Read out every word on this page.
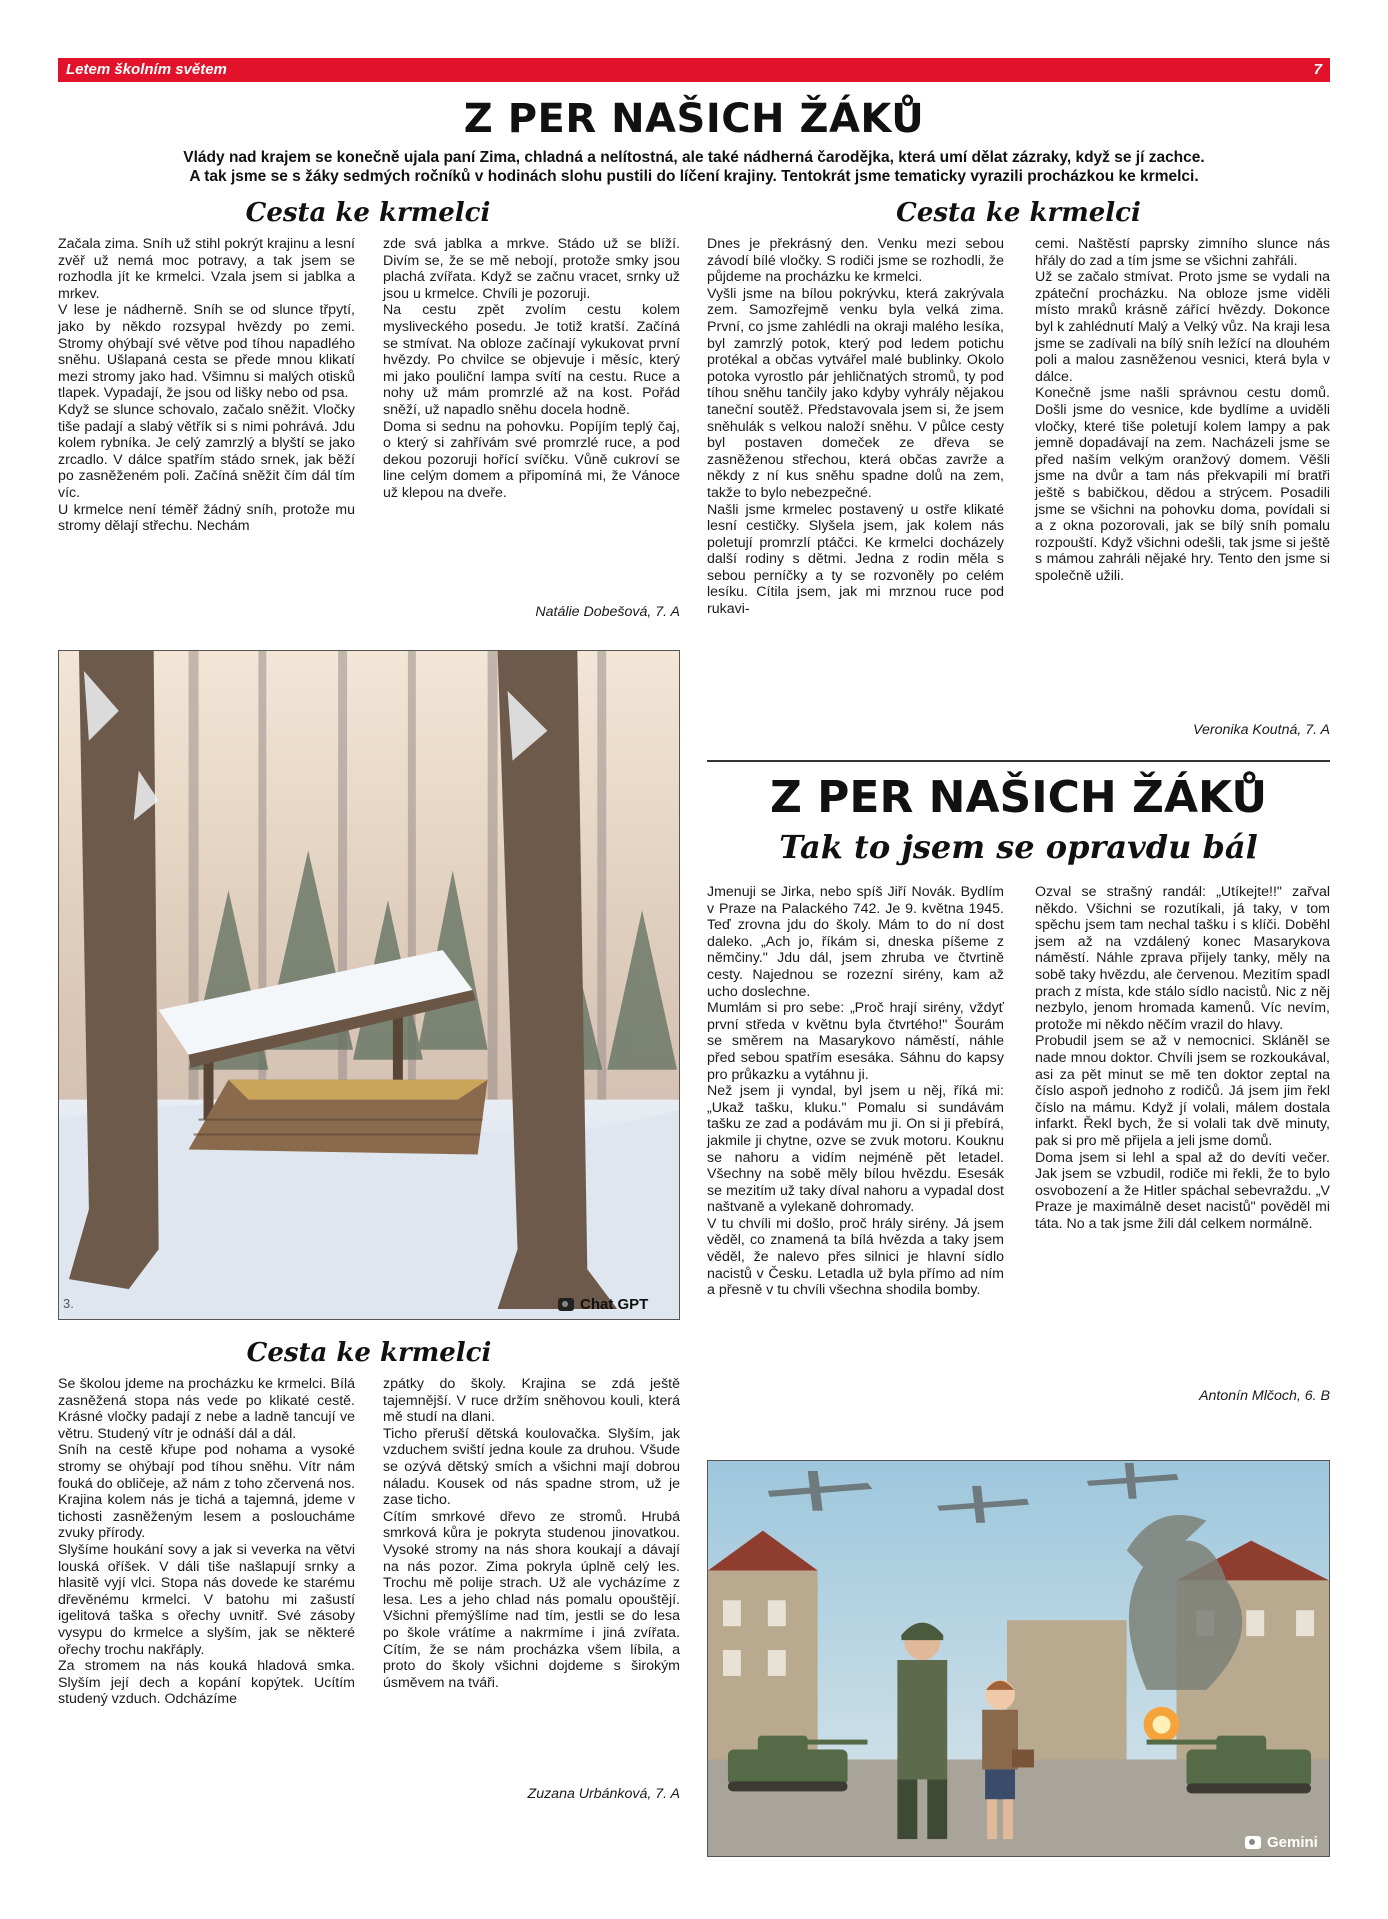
Letem školním světem	7
Z PER NAŠICH ŽÁKŮ
Vlády nad krajem se konečně ujala paní Zima, chladná a nelítostná, ale také nádherná čarodějka, která umí dělat zázraky, když se jí zachce.
A tak jsme se s žáky sedmých ročníků v hodinách slohu pustili do líčení krajiny. Tentokrát jsme tematicky vyrazili procházkou ke krmelci.
Cesta ke krmelci

Začala zima. Sníh už stihl pokrýt krajinu a lesní zvěř už nemá moc potravy, a tak jsem se rozhodla jít ke krmelci. Vzala jsem si jablka a mrkev.

V lese je nádherně. Sníh se od slunce třpytí, jako by někdo rozsypal hvězdy po zemi. Stromy ohýbají své větve pod tíhou napadlého sněhu. Ušlapaná cesta se přede mnou klikatí mezi stromy jako had. Všimnu si malých otisků tlapek. Vypadají, že jsou od lišky nebo od psa.

Když se slunce schovalo, začalo sněžit. Vločky tiše padají a slabý větřík si s nimi pohrává. Jdu kolem rybníka. Je celý zamrzlý a blyští se jako zrcadlo. V dálce spatřím stádo srnek, jak běží po zasněženém poli. Začíná sněžit čím dál tím víc.

U krmelce není téměř žádný sníh, protože mu stromy dělají střechu. Nechám

zde svá jablka a mrkve. Stádo už se blíží. Divím se, že se mě nebojí, protože smky jsou plachá zvířata. Když se začnu vracet, srnky už jsou u krmelce. Chvíli je pozoruji.

Na cestu zpět zvolím cestu kolem mysliveckého posedu. Je totiž kratší. Začíná se stmívat. Na obloze začínají vykukovat první hvězdy. Po chvilce se objevuje i měsíc, který mi jako pouliční lampa svítí na cestu. Ruce a nohy už mám promrzlé až na kost. Pořád sněží, už napadlo sněhu docela hodně.

Doma si sednu na pohovku. Popíjím teplý čaj, o který si zahřívám své promrzlé ruce, a pod dekou pozoruji hořící svíčku. Vůně cukroví se line celým domem a připomíná mi, že Vánoce už klepou na dveře.

Natálie Dobešová, 7. A
Cesta ke krmelci

Dnes je překrásný den. Venku mezi sebou závodí bílé vločky. S rodiči jsme se rozhodli, že půjdeme na procházku ke krmelci.

Vyšli jsme na bílou pokrývku, která zakrývala zem. Samozřejmě venku byla velká zima. První, co jsme zahlédli na okraji malého lesíka, byl zamrzlý potok, který pod ledem potichu protékal a občas vytvářel malé bublinky. Okolo potoka vyrostlo pár jehličnatých stromů, ty pod tíhou sněhu tančily jako kdyby vyhrály nějakou taneční soutěž. Představovala jsem si, že jsem sněhulák s velkou naloží sněhu. V půlce cesty byl postaven domeček ze dřeva se zasněženou střechou, která občas zavrže a někdy z ní kus sněhu spadne dolů na zem, takže to bylo nebezpečné.

Našli jsme krmelec postavený u ostře klikaté lesní cestičky. Slyšela jsem, jak kolem nás poletují promrzlí ptáčci. Ke krmelci docházely další rodiny s dětmi. Jedna z rodin měla s sebou perníčky a ty se rozvoněly po celém lesíku. Cítila jsem, jak mi mrznou ruce pod rukavi-

cemi. Naštěstí paprsky zimního slunce nás hřály do zad a tím jsme se všichni zahřáli.

Už se začalo stmívat. Proto jsme se vydali na zpáteční procházku. Na obloze jsme viděli místo mraků krásně zářící hvězdy. Dokonce byl k zahlédnutí Malý a Velký vůz. Na kraji lesa jsme se zadívali na bílý sníh ležící na dlouhém poli a malou zasněženou vesnici, která byla v dálce.

Konečně jsme našli správnou cestu domů. Došli jsme do vesnice, kde bydlíme a uviděli vločky, které tiše poletují kolem lampy a pak jemně dopadávají na zem. Nacházeli jsme se před naším velkým oranžový domem. Věšli jsme na dvůr a tam nás překvapili mí bratři ještě s babičkou, dědou a strýcem. Posadili jsme se všichni na pohovku doma, povídali si a z okna pozorovali, jak se bílý sníh pomalu rozpouští. Když všichni odešli, tak jsme si ještě s mámou zahráli nějaké hry. Tento den jsme si společně užili.

Veronika Koutná, 7. A
3.	Chat GPT
Cesta ke krmelci

Se školou jdeme na procházku ke krmelci. Bílá zasněžená stopa nás vede po klikaté cestě. Krásné vločky padají z nebe a ladně tancují ve větru. Studený vítr je odnáší dál a dál.

Sníh na cestě křupe pod nohama a vysoké stromy se ohýbají pod tíhou sněhu. Vítr nám fouká do obličeje, až nám z toho zčervená nos. Krajina kolem nás je tichá a tajemná, jdeme v tichosti zasněženým lesem a posloucháme zvuky přírody.

Slyšíme houkání sovy a jak si veverka na větvi louská oříšek. V dáli tiše našlapují srnky a hlasitě vyjí vlci. Stopa nás dovede ke starému dřevěnému krmelci. V batohu mi zašustí igelitová taška s ořechy uvnitř. Své zásoby vysypu do krmelce a slyším, jak se některé ořechy trochu nakřáply.

Za stromem na nás kouká hladová smka. Slyším její dech a kopání kopýtek. Ucítím studený vzduch. Odcházíme

zpátky do školy. Krajina se zdá ještě tajemnější. V ruce držím sněhovou kouli, která mě studí na dlani.

Ticho přeruší dětská koulovačka. Slyším, jak vzduchem sviští jedna koule za druhou. Všude se ozývá dětský smích a všichni mají dobrou náladu. Kousek od nás spadne strom, už je zase ticho.

Cítím smrkové dřevo ze stromů. Hrubá smrková kůra je pokryta studenou jinovatkou. Vysoké stromy na nás shora koukají a dávají na nás pozor. Zima pokryla úplně celý les. Trochu mě polije strach. Už ale vycházíme z lesa. Les a jeho chlad nás pomalu opouštějí. Všichni přemýšlíme nad tím, jestli se do lesa po škole vrátíme a nakrmíme i jiná zvířata. Cítím, že se nám procházka všem líbila, a proto do školy všichni dojdeme s širokým úsměvem na tváři.

Zuzana Urbánková, 7. A
Z PER NAŠICH ŽÁKŮ
Tak to jsem se opravdu bál

Jmenuji se Jirka, nebo spíš Jiří Novák. Bydlím v Praze na Palackého 742. Je 9. května 1945. Teď zrovna jdu do školy. Mám to do ní dost daleko. „Ach jo, říkám si, dneska píšeme z němčiny." Jdu dál, jsem zhruba ve čtvrtině cesty. Najednou se rozezní sirény, kam až ucho doslechne.

Mumlám si pro sebe: „Proč hrají sirény, vždyť první středa v květnu byla čtvrtého!" Šourám se směrem na Masarykovo náměstí, náhle před sebou spatřím esesáka. Sáhnu do kapsy pro průkazku a vytáhnu ji.

Než jsem ji vyndal, byl jsem u něj, říká mi: „Ukaž tašku, kluku." Pomalu si sundávám tašku ze zad a podávám mu ji. On si ji přebírá, jakmile ji chytne, ozve se zvuk motoru. Kouknu se nahoru a vidím nejméně pět letadel. Všechny na sobě měly bílou hvězdu. Esesák se mezitím už taky díval nahoru a vypadal dost naštvaně a vylekaně dohromady.

V tu chvíli mi došlo, proč hrály sirény. Já jsem věděl, co znamená ta bílá hvězda a taky jsem věděl, že nalevo přes silnici je hlavní sídlo nacistů v Česku. Letadla už byla přímo ad ním a přesně v tu chvíli všechna shodila bomby.

Ozval se strašný randál: „Utíkejte!!" zařval někdo. Všichni se rozutíkali, já taky, v tom spěchu jsem tam nechal tašku i s klíči. Doběhl jsem až na vzdálený konec Masarykova náměstí. Náhle zprava přijely tanky, měly na sobě taky hvězdu, ale červenou. Mezitím spadl prach z místa, kde stálo sídlo nacistů. Nic z něj nezbylo, jenom hromada kamenů. Víc nevím, protože mi někdo něčím vrazil do hlavy.

Probudil jsem se až v nemocnici. Skláněl se nade mnou doktor. Chvíli jsem se rozkoukával, asi za pět minut se mě ten doktor zeptal na číslo aspoň jednoho z rodičů. Já jsem jim řekl číslo na mámu. Když jí volali, málem dostala infarkt. Řekl bych, že si volali tak dvě minuty, pak si pro mě přijela a jeli jsme domů.

Doma jsem si lehl a spal až do devíti večer. Jak jsem se vzbudil, rodiče mi řekli, že to bylo osvobození a že Hitler spáchal sebevraždu. „V Praze je maximálně deset nacistů" pověděl mi táta. No a tak jsme žili dál celkem normálně.

Antonín Mlčoch, 6. B
Gemini
